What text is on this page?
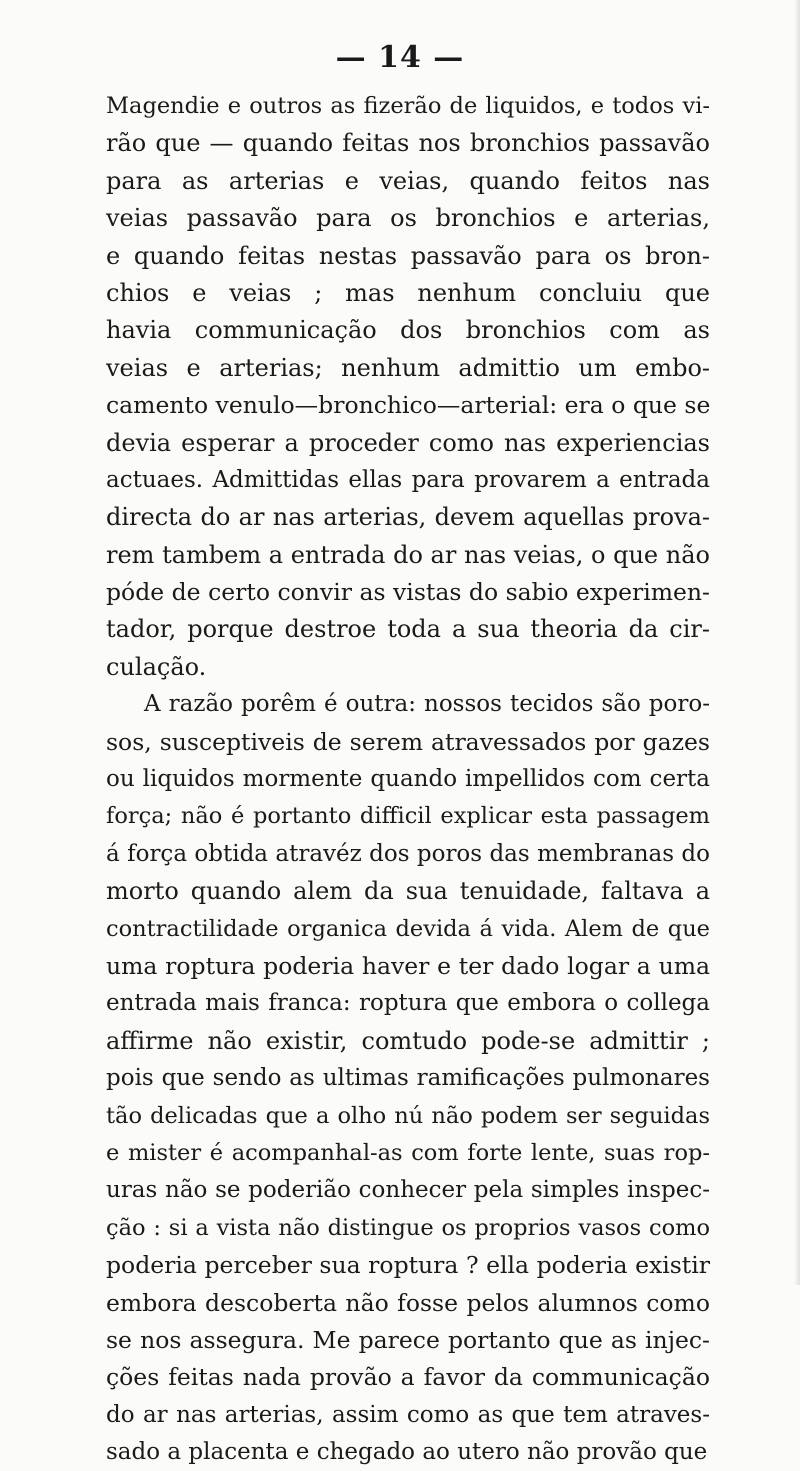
— 14 —
Magendie e outros as fizerão de liquidos, e todos vi-
rão que — quando feitas nos bronchios passavão
para as arterias e veias, quando feitos nas
veias passavão para os bronchios e arterias,
e quando feitas nestas passavão para os bron-
chios e veias ; mas nenhum concluiu que
havia communicação dos bronchios com as
veias e arterias; nenhum admittio um embo-
camento venulo—bronchico—arterial: era o que se
devia esperar a proceder como nas experiencias
actuaes. Admittidas ellas para provarem a entrada
directa do ar nas arterias, devem aquellas prova-
rem tambem a entrada do ar nas veias, o que não
póde de certo convir as vistas do sabio experimen-
tador, porque destroe toda a sua theoria da cir-
culação.
A razão porêm é outra: nossos tecidos são poro-
sos, susceptiveis de serem atravessados por gazes
ou liquidos mormente quando impellidos com certa
força; não é portanto difficil explicar esta passagem
á força obtida atravéz dos poros das membranas do
morto quando alem da sua tenuidade, faltava a
contractilidade organica devida á vida. Alem de que
uma roptura poderia haver e ter dado logar a uma
entrada mais franca: roptura que embora o collega
affirme não existir, comtudo pode-se admittir ;
pois que sendo as ultimas ramificações pulmonares
tão delicadas que a olho nú não podem ser seguidas
e mister é acompanhal-as com forte lente, suas rop-
uras não se poderião conhecer pela simples inspec-
ção : si a vista não distingue os proprios vasos como
poderia perceber sua roptura ? ella poderia existir
embora descoberta não fosse pelos alumnos como
se nos assegura. Me parece portanto que as injec-
ções feitas nada provão a favor da communicação
do ar nas arterias, assim como as que tem atraves-
sado a placenta e chegado ao utero não provão que
